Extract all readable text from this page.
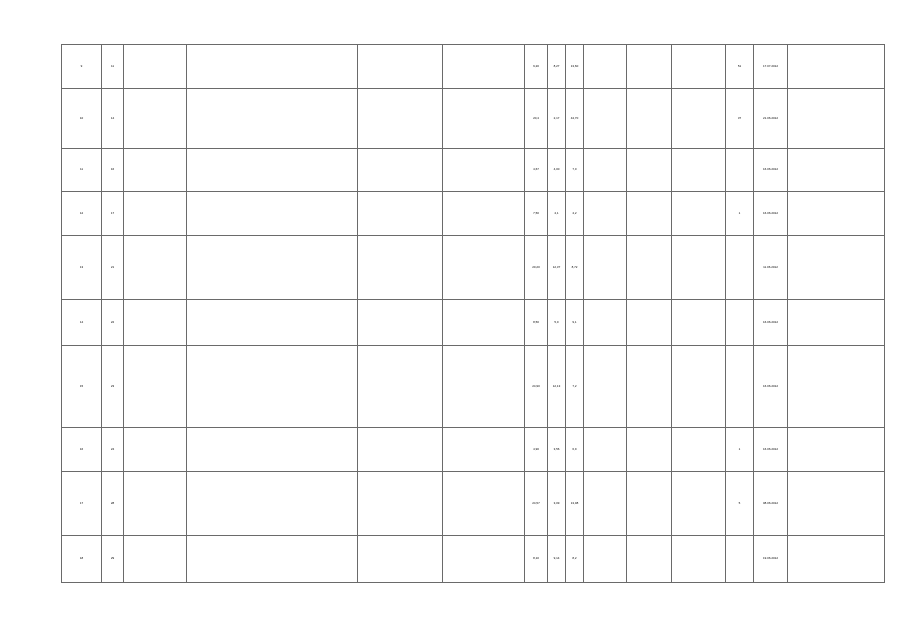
9	11					9,20	8,27	13,60				51	17.07.2012	
10	14					20,4	2,17	44,70				37	21.06.2012	
11	16					4,67	4,00	7,0					16.06.2012	
12	17					7,50	4,1	4,2				1	16.06.2012	
13	21					20,20	12,37	8,72					11.06.2012	
14	22					8,50	5,0	9,1					16.06.2012	
15	23					24,90	12,13	7,2					16.06.2012	
16	24					4,90	3,56	6,9				1	16.06.2012	
17	28					24,57	3,09	13,08				5	08.06.2012	
18	29					8,10	9,14	8,2					19.06.2012	
